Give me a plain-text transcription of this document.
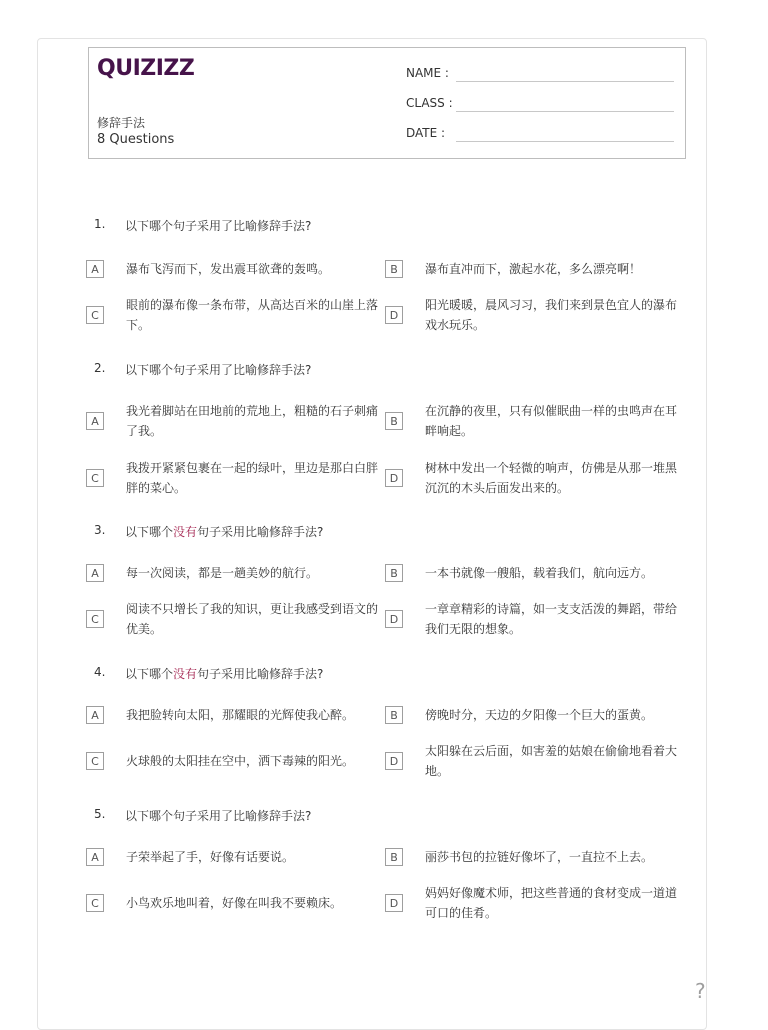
QUIZIZZ
修辞手法
8 Questions
NAME :
CLASS :
DATE :
1. 以下哪个句子采用了比喻修辞手法?
A	瀑布飞泻而下，发出震耳欲聋的轰鸣。	B	瀑布直冲而下，激起水花，多么漂亮啊！
C
眼前的瀑布像一条布带，从高达百米的山崖上落下。
D
阳光暖暖，晨风习习，我们来到景色宜人的瀑布戏水玩乐。
2. 以下哪个句子采用了比喻修辞手法?
A
我光着脚站在田地前的荒地上，粗糙的石子刺痛了我。
B
在沉静的夜里，只有似催眠曲一样的虫鸣声在耳畔响起。
C
我拨开紧紧包裹在一起的绿叶，里边是那白白胖胖的菜心。
D
树林中发出一个轻微的响声，仿佛是从那一堆黑沉沉的木头后面发出来的。
3. 以下哪个没有句子采用比喻修辞手法?
A	每一次阅读，都是一趟美妙的航行。	B	一本书就像一艘船，载着我们，航向远方。
C
阅读不只增长了我的知识，更让我感受到语文的优美。
D
一章章精彩的诗篇，如一支支活泼的舞蹈，带给我们无限的想象。
4. 以下哪个没有句子采用比喻修辞手法?
A	我把脸转向太阳，那耀眼的光辉使我心醉。	B	傍晚时分，天边的夕阳像一个巨大的蛋黄。
C	火球般的太阳挂在空中，洒下毒辣的阳光。	D
太阳躲在云后面，如害羞的姑娘在偷偷地看着大地。
5. 以下哪个句子采用了比喻修辞手法?
A	子荣举起了手，好像有话要说。	B	丽莎书包的拉链好像坏了，一直拉不上去。
C	小鸟欢乐地叫着，好像在叫我不要赖床。	D
妈妈好像魔术师，把这些普通的食材变成一道道可口的佳肴。
?
